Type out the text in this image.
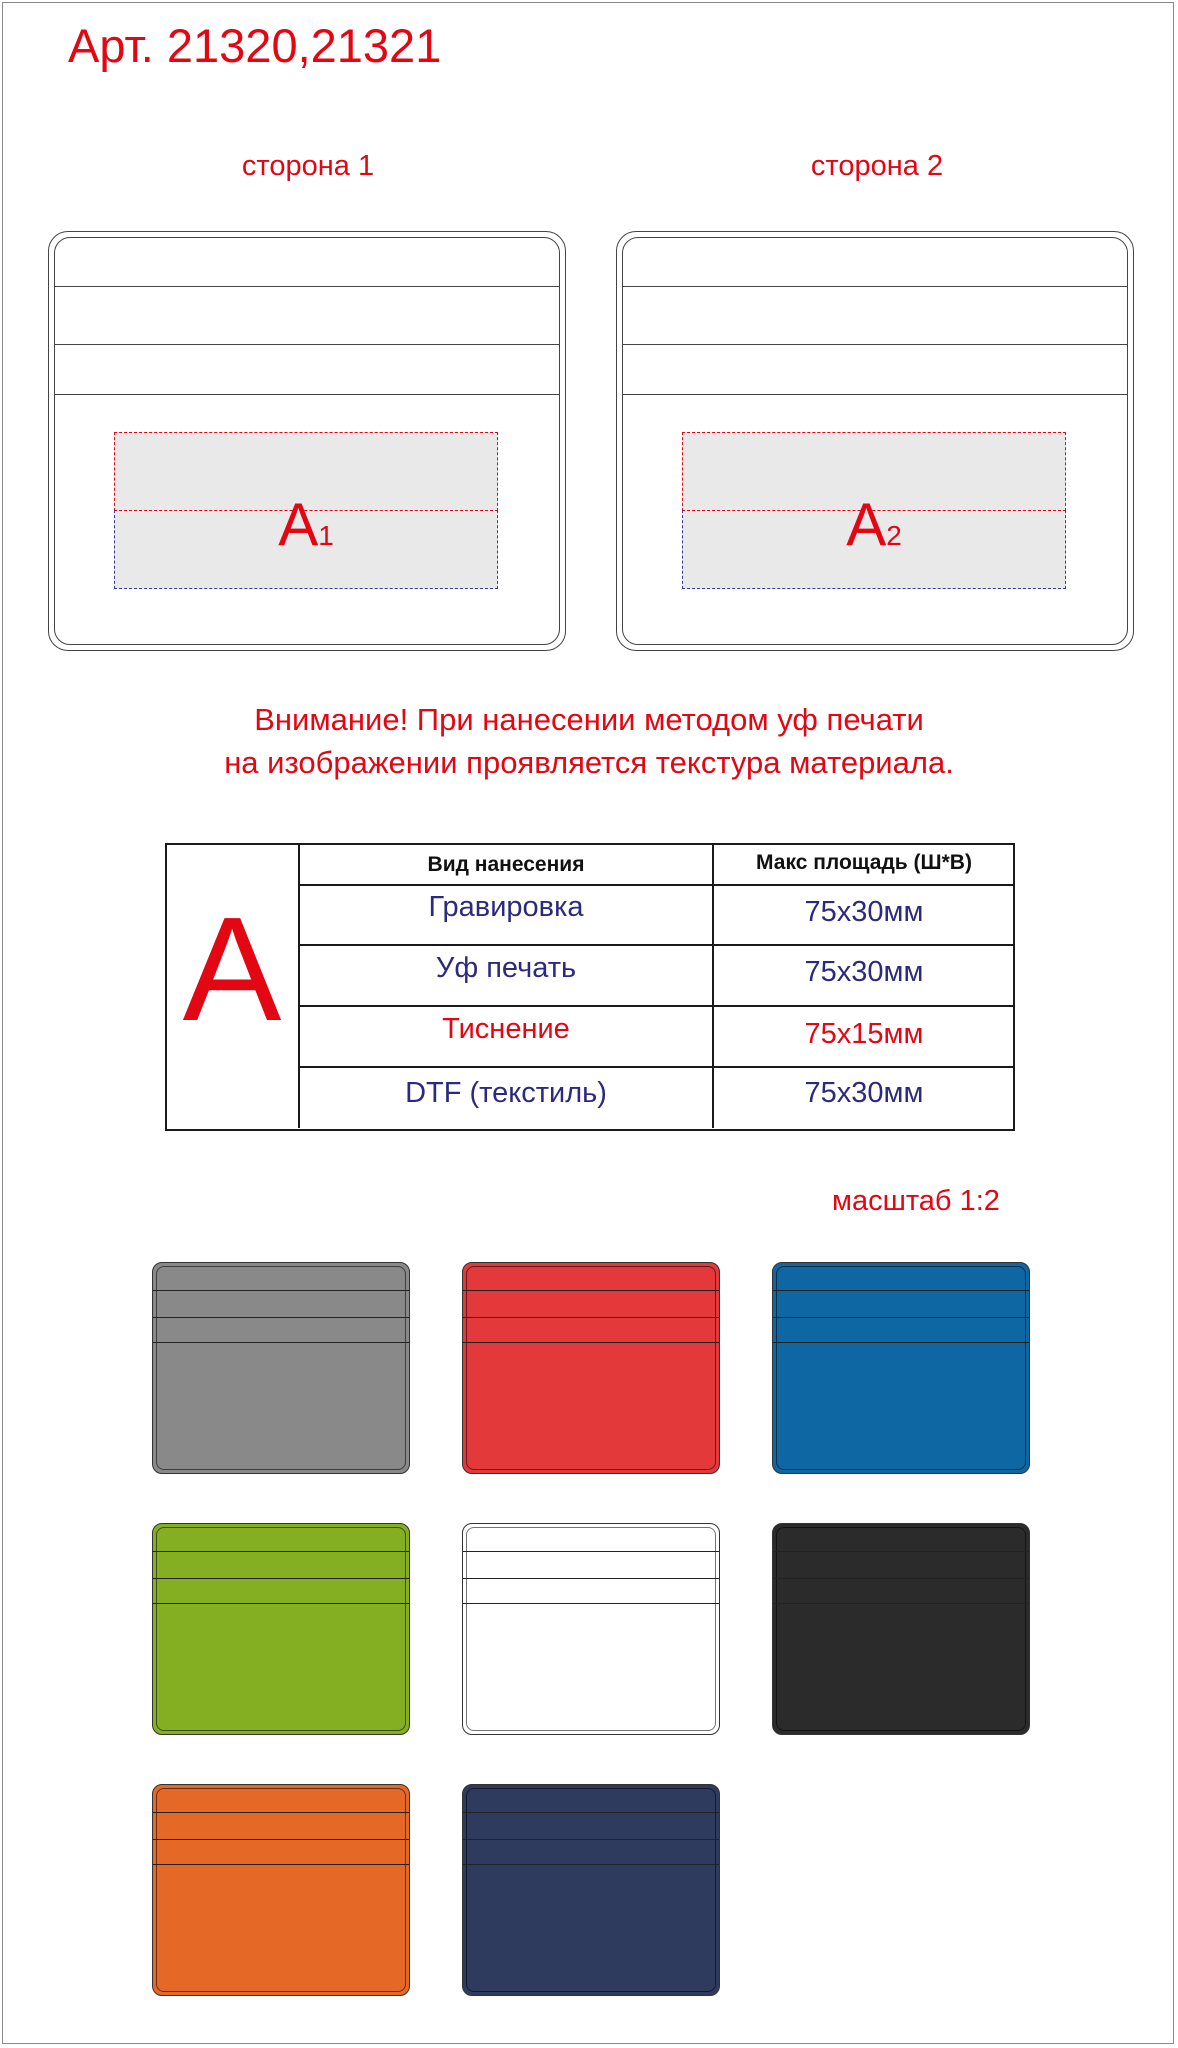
Арт. 21320,21321
сторона 1	сторона 2
A1	A2
Внимание! При нанесении методом уф печати
на изображении проявляется текстура материала.
A
Вид нанесения	Макс площадь (Ш*В)
Гравировка	75х30мм
Уф печать	75х30мм
Тиснение	75х15мм
DTF (текстиль)	75х30мм
масштаб 1:2
